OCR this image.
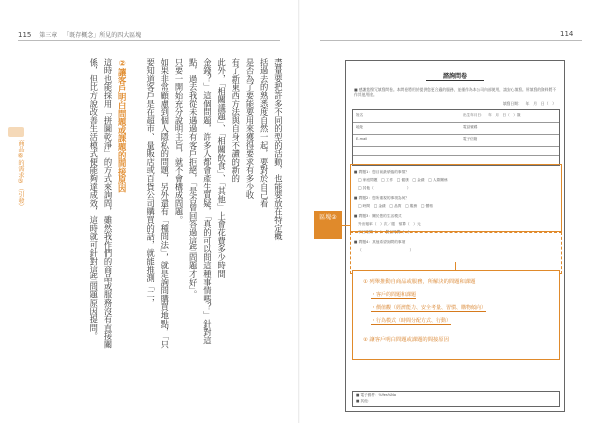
115 第三章 「既存概念」所見的四大區塊
商品⑥的需求⑤（引發）	盡量要把許多不同的型的活動，也能要放在特定概
括過去的熟悉度自然一起，要對於自己看
是否為了要能要用來獲得要求有多少收
有了新東西方法與自身不讀的新的
此外，「相關議題」、「相關飲食」、「其他」上會花費多少時間
金錢？」這個問題，許多人都會產生質疑，「真的可以問這種事情嗎？」針對這
點，過去我從未遇過有客戶拒絕，「是否曾回答過這些問題才好」。
只要一開始充分說明主旨，就不會構成問題。
如果非常顧慮到個人隱私的問題，另外還有「種問法」，就是詢問購買地點，「只
要知道客戶是在超市、量販店或百貨公司購買的話，就能推測「二，
②讓客戶明白問題或課題的間接原因
這時也能採用「拼圖乾淨」的方式來詢問，雖然我作們的商品或服務沒有直接關
係，但比方說改善生活模式便能夠達成效，這時就可針對這些問題原因提問。
114
諮詢問卷
■ 感謝您撥冗填寫問卷。本問卷將用於提供您更合適的服務，並僅作為本公司內部使用，請安心填寫。所填寫的資料將不作其他用途。
填寫日期：　年　月　日（　）
姓名	出生年月日：　年　月　日（　）歲
地址	電話號碼
E-mail	電子信箱
■ 問題1：您目前最煩惱的事情？
□ 家庭問題　□ 工作　□ 健康　□ 金錢　□ 人際關係
□ 其他（　　　　　　　　　）
■ 問題2：您所重視的事項為何？
□ 時間　□ 金錢　□ 品質　□ 服務　□ 價格
■ 問題3：關於您的生活模式
外出頻率（　）次／週　預算（　）元
平日時間（　）　假日時間（　）
■ 問題4：其他希望詢問的事項
（　　　　　　　　　　　　　）
■ 電子郵件：%Yes%No
■ 其他：
區塊②
① 列舉推動自商品或服務，所解決的問題和課題
・客戶的問題和課題
・價值觀（經濟能力、安全考量、習慣、購物傾向）
・行為模式（時間分配方式、行動）
② 讓客戶明白問題或課題的間接原因
